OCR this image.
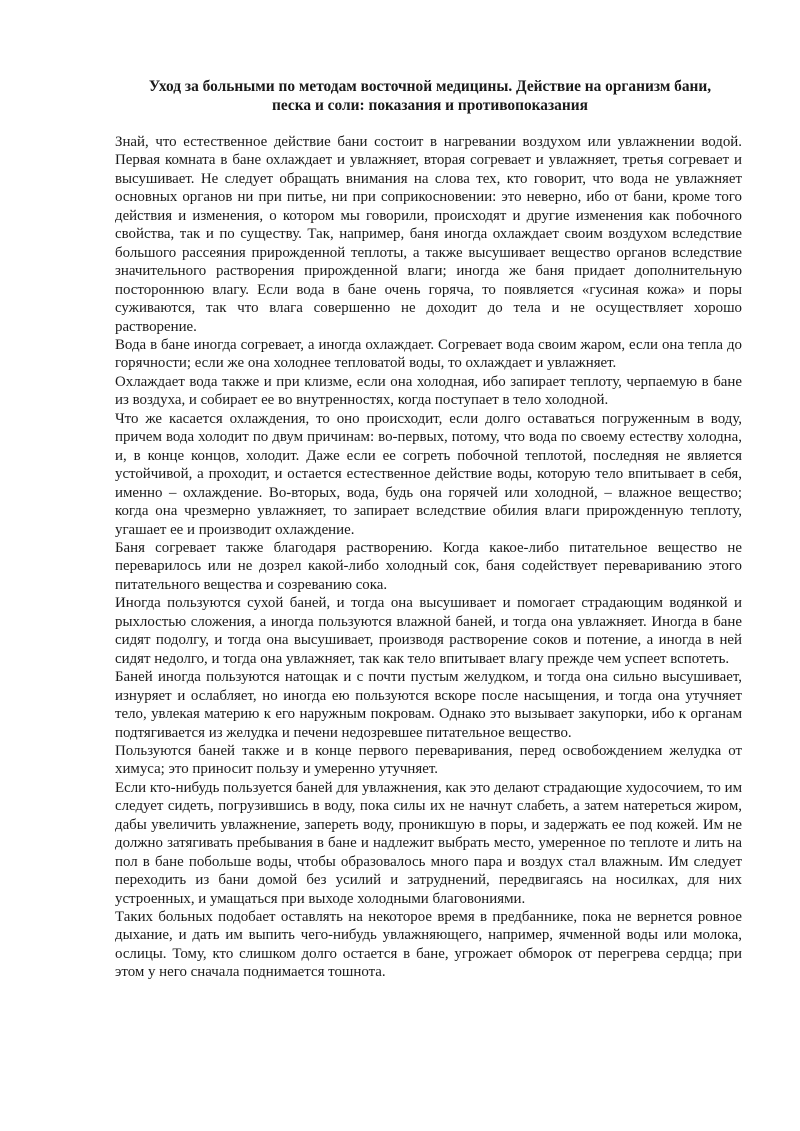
Уход за больными по методам восточной медицины. Действие на организм бани,
песка и соли: показания и противопоказания

Знай, что естественное действие бани состоит в нагревании воздухом или увлажнении водой. Первая комната в бане охлаждает и увлажняет, вторая согревает и увлажняет, третья согревает и высушивает. Не следует обращать внимания на слова тех, кто говорит, что вода не увлажняет основных органов ни при питье, ни при соприкосновении: это неверно, ибо от бани, кроме того действия и изменения, о котором мы говорили, происходят и другие изменения как побочного свойства, так и по существу. Так, например, баня иногда охлаждает своим воздухом вследствие большого рассеяния прирожденной теплоты, а также высушивает вещество органов вследствие значительного растворения прирожденной влаги; иногда же баня придает дополнительную постороннюю влагу. Если вода в бане очень горяча, то появляется «гусиная кожа» и поры суживаются, так что влага совершенно не доходит до тела и не осуществляет хорошо растворение.

Вода в бане иногда согревает, а иногда охлаждает. Согревает вода своим жаром, если она тепла до горячности; если же она холоднее тепловатой воды, то охлаждает и увлажняет.

Охлаждает вода также и при клизме, если она холодная, ибо запирает теплоту, черпаемую в бане из воздуха, и собирает ее во внутренностях, когда поступает в тело холодной.

Что же касается охлаждения, то оно происходит, если долго оставаться погруженным в воду, причем вода холодит по двум причинам: во-первых, потому, что вода по своему естеству холодна, и, в конце концов, холодит. Даже если ее согреть побочной теплотой, последняя не является устойчивой, а проходит, и остается естественное действие воды, которую тело впитывает в себя, именно – охлаждение. Во-вторых, вода, будь она горячей или холодной, – влажное вещество; когда она чрезмерно увлажняет, то запирает вследствие обилия влаги прирожденную теплоту, угашает ее и производит охлаждение.

Баня согревает также благодаря растворению. Когда какое-либо питательное вещество не переварилось или не дозрел какой-либо холодный сок, баня содействует перевариванию этого питательного вещества и созреванию сока.

Иногда пользуются сухой баней, и тогда она высушивает и помогает страдающим водянкой и рыхлостью сложения, а иногда пользуются влажной баней, и тогда она увлажняет. Иногда в бане сидят подолгу, и тогда она высушивает, производя растворение соков и потение, а иногда в ней сидят недолго, и тогда она увлажняет, так как тело впитывает влагу прежде чем успеет вспотеть.

Баней иногда пользуются натощак и с почти пустым желудком, и тогда она сильно высушивает, изнуряет и ослабляет, но иногда ею пользуются вскоре после насыщения, и тогда она утучняет тело, увлекая материю к его наружным покровам. Однако это вызывает закупорки, ибо к органам подтягивается из желудка и печени недозревшее питательное вещество.

Пользуются баней также и в конце первого переваривания, перед освобождением желудка от химуса; это приносит пользу и умеренно утучняет.

Если кто-нибудь пользуется баней для увлажнения, как это делают страдающие худосочием, то им следует сидеть, погрузившись в воду, пока силы их не начнут слабеть, а затем натереться жиром, дабы увеличить увлажнение, запереть воду, проникшую в поры, и задержать ее под кожей. Им не должно затягивать пребывания в бане и надлежит выбрать место, умеренное по теплоте и лить на пол в бане побольше воды, чтобы образовалось много пара и воздух стал влажным. Им следует переходить из бани домой без усилий и затруднений, передвигаясь на носилках, для них устроенных, и умащаться при выходе холодными благовониями.

Таких больных подобает оставлять на некоторое время в предбаннике, пока не вернется ровное дыхание, и дать им выпить чего-нибудь увлажняющего, например, ячменной воды или молока, ослицы. Тому, кто слишком долго остается в бане, угрожает обморок от перегрева сердца; при этом у него сначала поднимается тошнота.
